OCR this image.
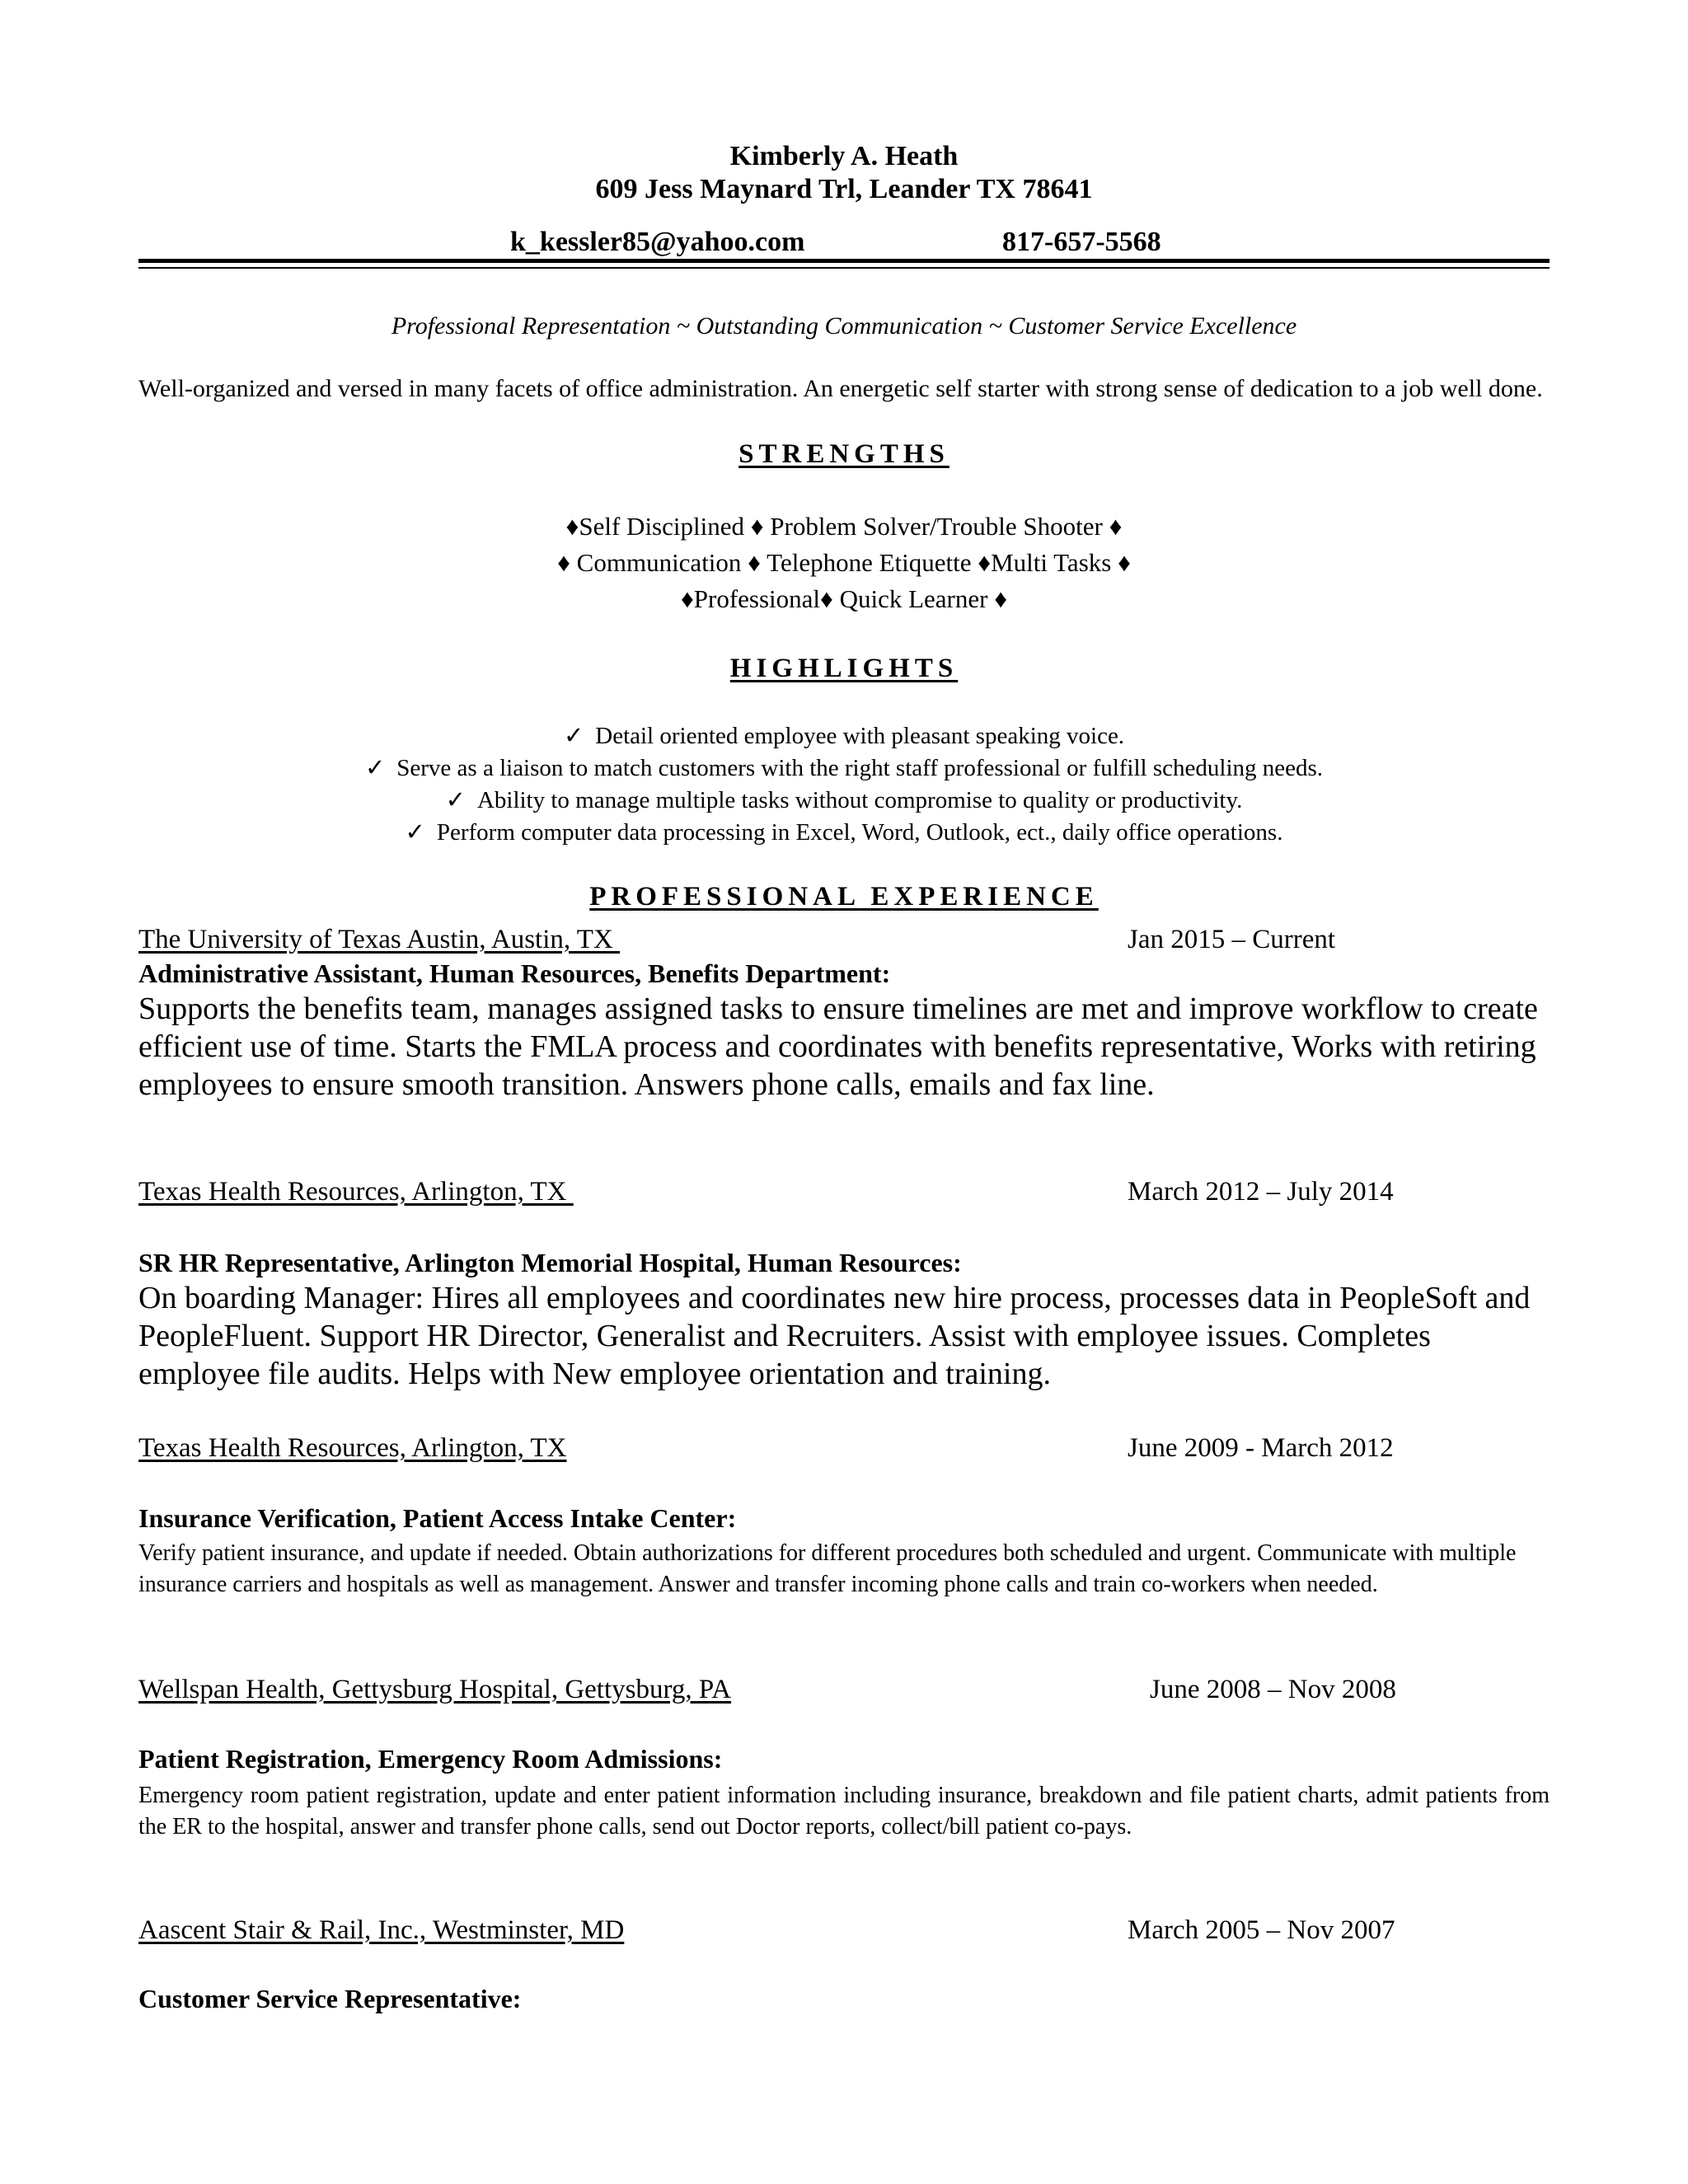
Kimberly A. Heath
609 Jess Maynard Trl, Leander TX 78641
k_kessler85@yahoo.com	817-657-5568
Professional Representation ~ Outstanding Communication ~ Customer Service Excellence
Well-organized and versed in many facets of office administration. An energetic self starter with strong sense of dedication to a job well done.
STRENGTHS
♦Self Disciplined ♦ Problem Solver/Trouble Shooter ♦
♦ Communication ♦ Telephone Etiquette ♦Multi Tasks ♦
♦Professional♦ Quick Learner ♦
HIGHLIGHTS
✓ Detail oriented employee with pleasant speaking voice.
✓ Serve as a liaison to match customers with the right staff professional or fulfill scheduling needs.
✓ Ability to manage multiple tasks without compromise to quality or productivity.
✓ Perform computer data processing in Excel, Word, Outlook, ect., daily office operations.
PROFESSIONAL EXPERIENCE
The University of Texas Austin, Austin, TX	Jan 2015 – Current
Administrative Assistant, Human Resources, Benefits Department:
Supports the benefits team, manages assigned tasks to ensure timelines are met and improve workflow to create efficient use of time. Starts the FMLA process and coordinates with benefits representative, Works with retiring employees to ensure smooth transition. Answers phone calls, emails and fax line.
Texas Health Resources, Arlington, TX	March 2012 – July 2014
SR HR Representative, Arlington Memorial Hospital, Human Resources:
On boarding Manager: Hires all employees and coordinates new hire process, processes data in PeopleSoft and PeopleFluent. Support HR Director, Generalist and Recruiters. Assist with employee issues. Completes employee file audits. Helps with New employee orientation and training.
Texas Health Resources, Arlington, TX	June 2009 - March 2012
Insurance Verification, Patient Access Intake Center:
Verify patient insurance, and update if needed. Obtain authorizations for different procedures both scheduled and urgent. Communicate with multiple insurance carriers and hospitals as well as management. Answer and transfer incoming phone calls and train co-workers when needed.
Wellspan Health, Gettysburg Hospital, Gettysburg, PA	June 2008 – Nov 2008
Patient Registration, Emergency Room Admissions:
Emergency room patient registration, update and enter patient information including insurance, breakdown and file patient charts, admit patients from the ER to the hospital, answer and transfer phone calls, send out Doctor reports, collect/bill patient co-pays.
Aascent Stair & Rail, Inc., Westminster, MD	March 2005 – Nov 2007
Customer Service Representative:
